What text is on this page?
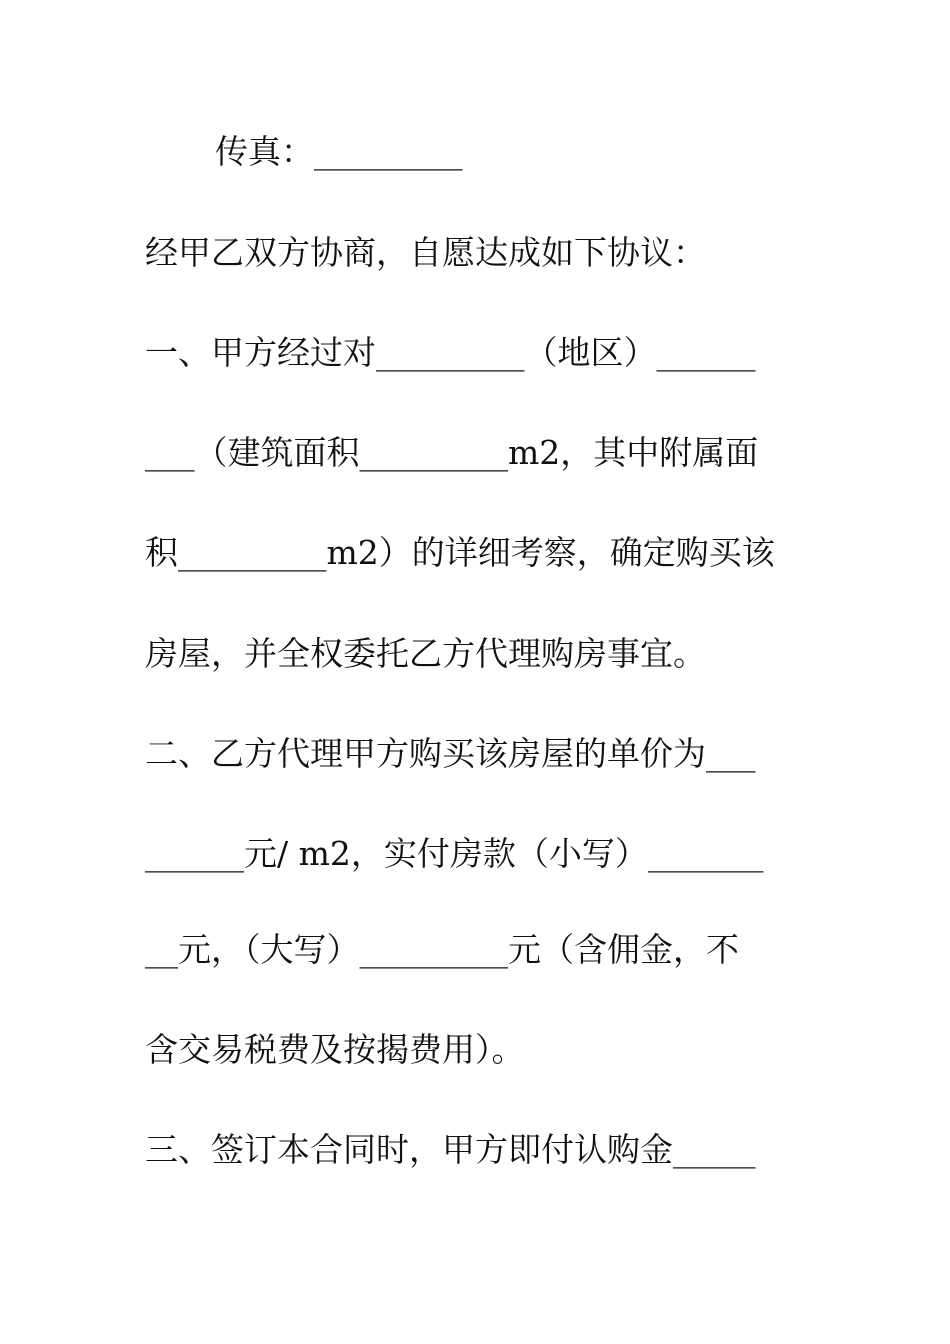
传真：_________
经甲乙双方协商，自愿达成如下协议：
一、甲方经过对_________（地区）______
___（建筑面积_________m2，其中附属面
积_________m2）的详细考察，确定购买该
房屋，并全权委托乙方代理购房事宜。
二、乙方代理甲方购买该房屋的单价为___
______元/ m2，实付房款（小写）_______
__元，（大写）_________元（含佣金，不
含交易税费及按揭费用）。
三、签订本合同时，甲方即付认购金_____
